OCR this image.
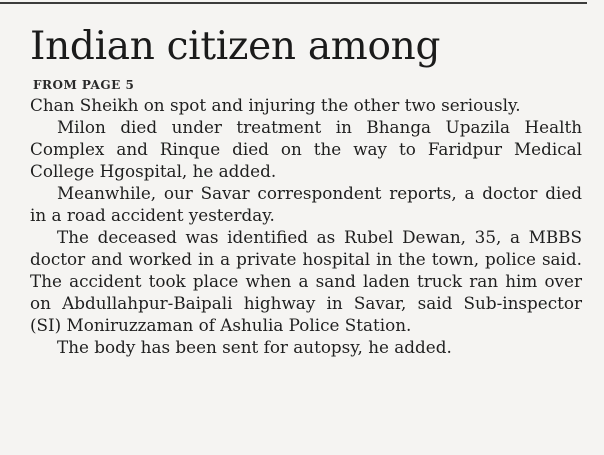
Indian citizen among
FROM PAGE 5

Chan Sheikh on spot and injuring the other two seriously.

Milon died under treatment in Bhanga Upazila Health Complex and Rinque died on the way to Faridpur Medical College Hgospital, he added.

Meanwhile, our Savar correspondent reports, a doctor died in a road accident yesterday.

The deceased was identified as Rubel Dewan, 35, a MBBS doctor and worked in a private hospital in the town, police said. The accident took place when a sand laden truck ran him over on Abdullahpur-Baipali highway in Savar, said Sub-inspector (SI) Moniruzzaman of Ashulia Police Station.

The body has been sent for autopsy, he added.
